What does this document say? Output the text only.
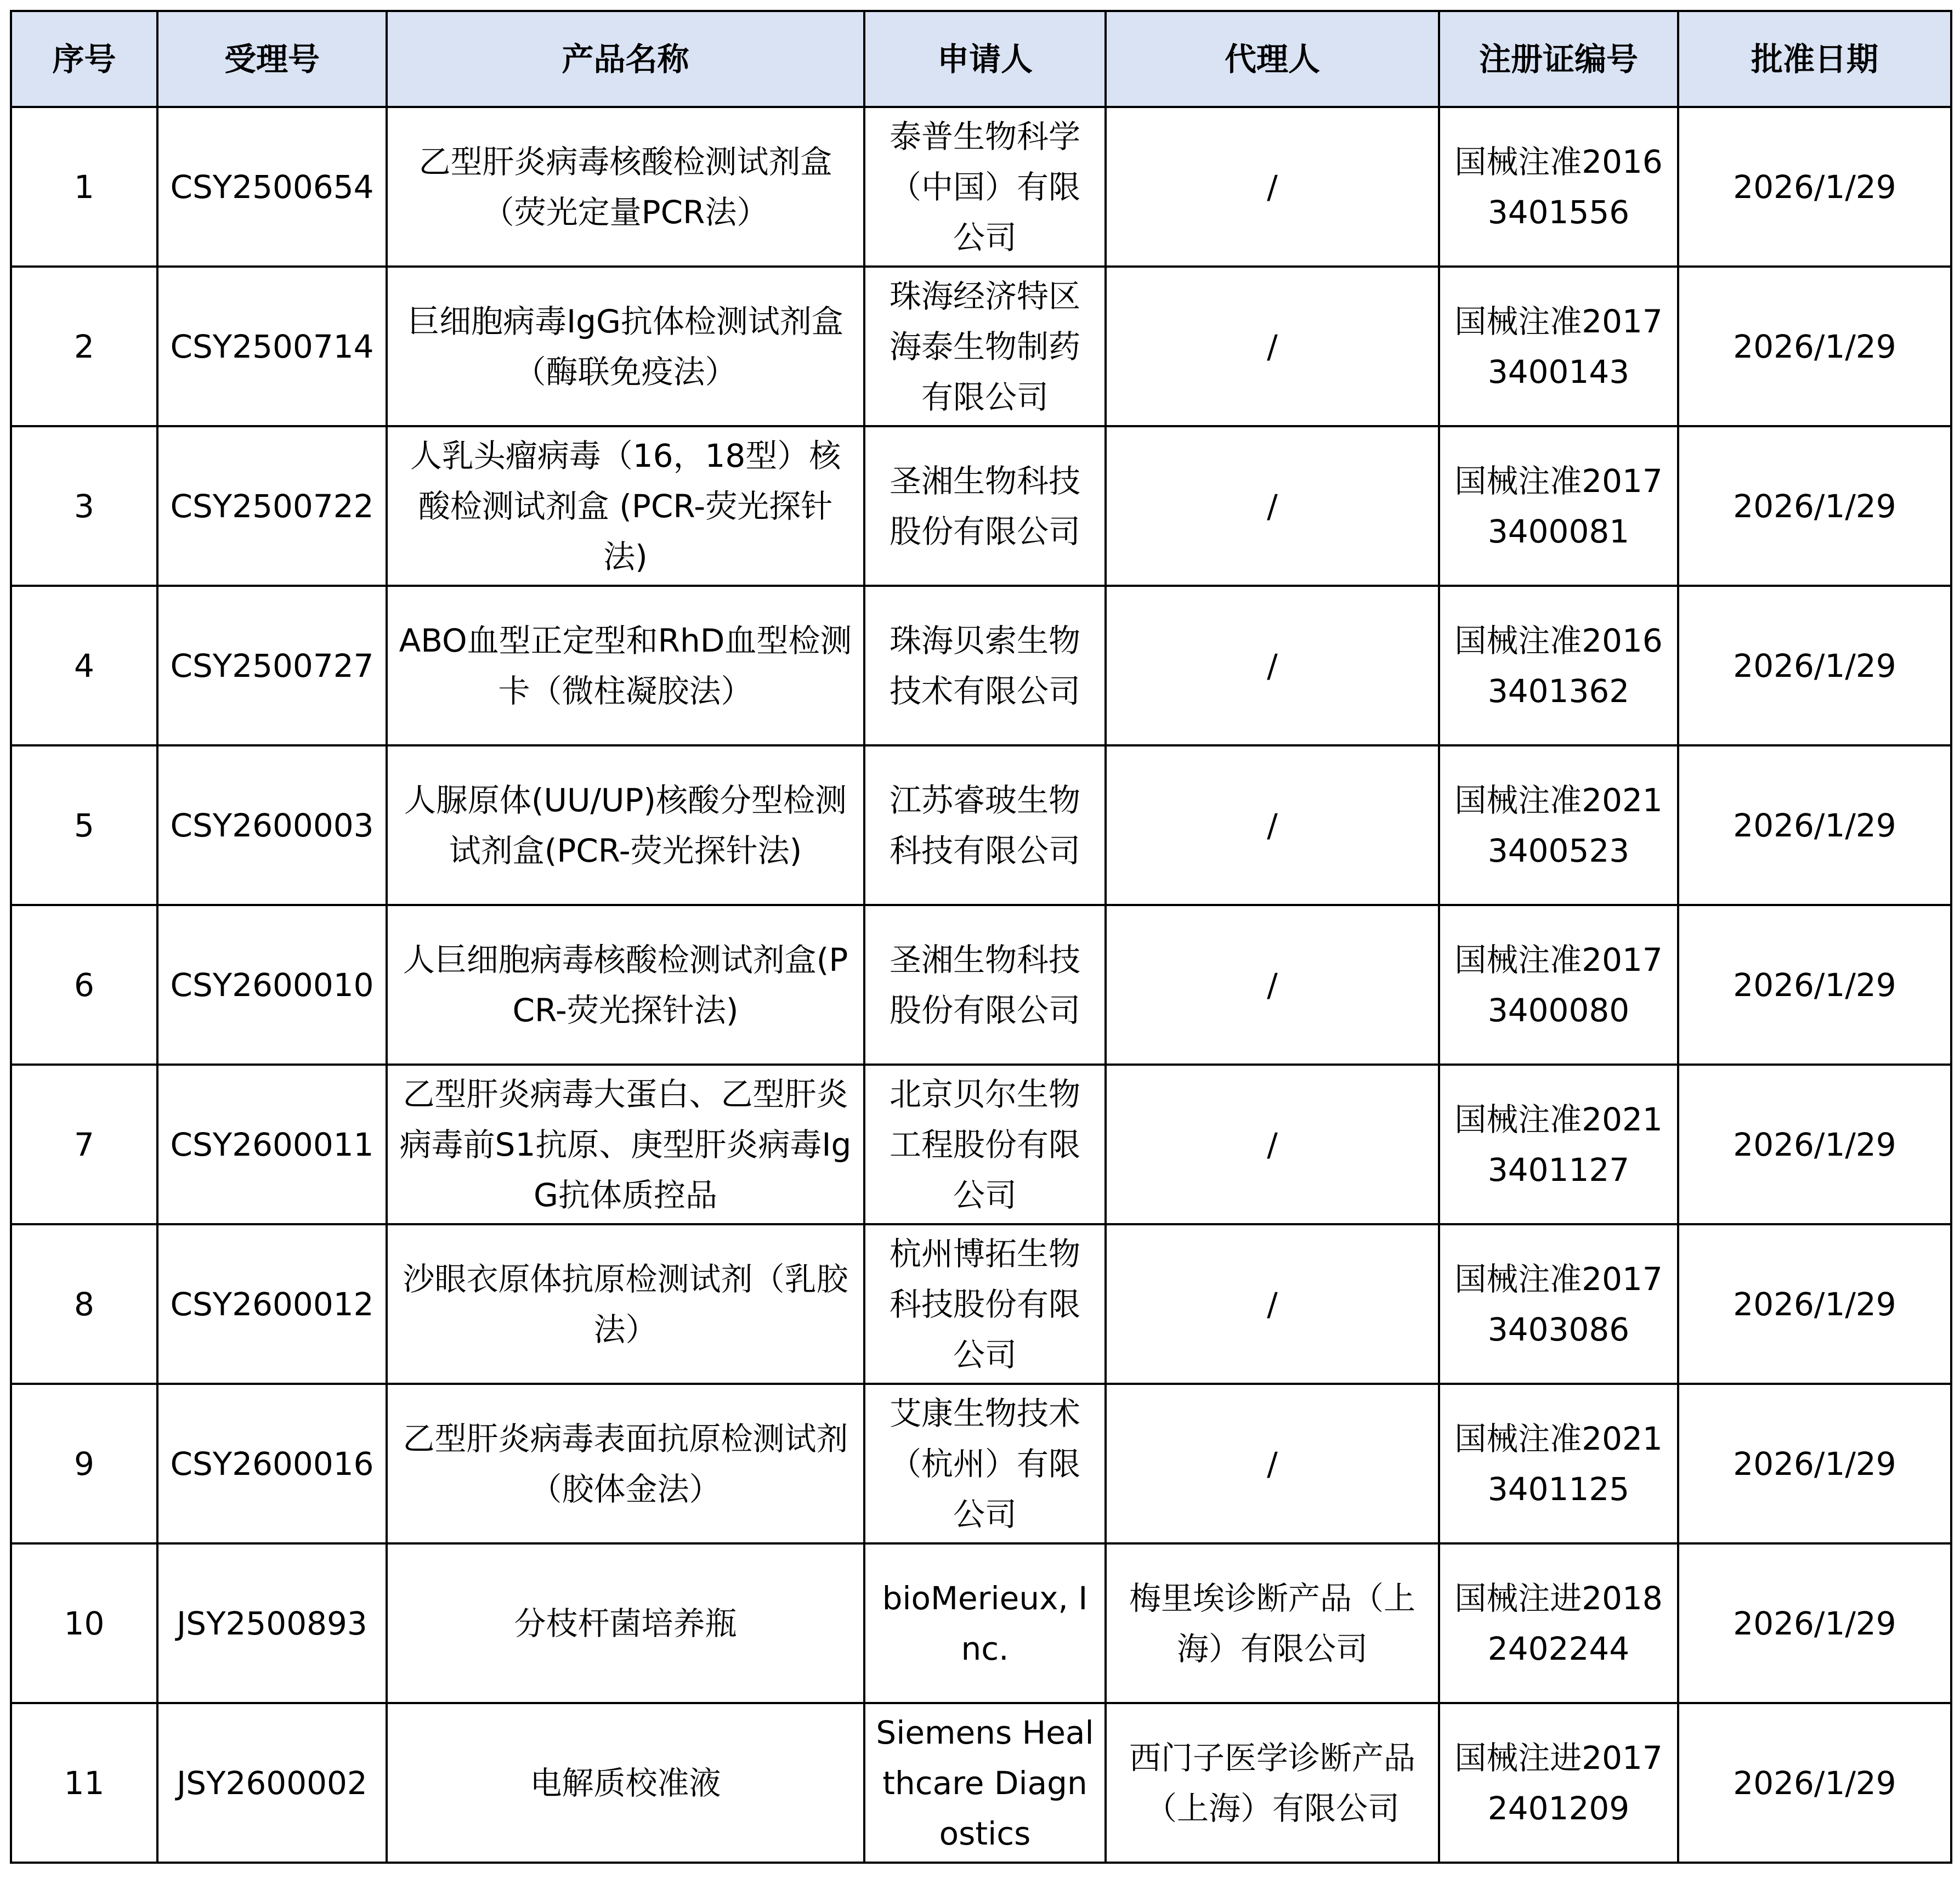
序号	受理号	产品名称	申请人	代理人	注册证编号	批准日期
1	CSY2500654	乙型肝炎病毒核酸检测试剂盒（荧光定量PCR法）	泰普生物科学（中国）有限公司	/	国械注准20163401556	2026/1/29
2	CSY2500714	巨细胞病毒IgG抗体检测试剂盒（酶联免疫法）	珠海经济特区海泰生物制药有限公司	/	国械注准20173400143	2026/1/29
3	CSY2500722	人乳头瘤病毒（16，18型）核酸检测试剂盒 (PCR-荧光探针法)	圣湘生物科技股份有限公司	/	国械注准20173400081	2026/1/29
4	CSY2500727	ABO血型正定型和RhD血型检测卡（微柱凝胶法）	珠海贝索生物技术有限公司	/	国械注准20163401362	2026/1/29
5	CSY2600003	人脲原体(UU/UP)核酸分型检测试剂盒(PCR-荧光探针法)	江苏睿玻生物科技有限公司	/	国械注准20213400523	2026/1/29
6	CSY2600010	人巨细胞病毒核酸检测试剂盒(PCR-荧光探针法)	圣湘生物科技股份有限公司	/	国械注准20173400080	2026/1/29
7	CSY2600011	乙型肝炎病毒大蛋白、乙型肝炎病毒前S1抗原、庚型肝炎病毒IgG抗体质控品	北京贝尔生物工程股份有限公司	/	国械注准20213401127	2026/1/29
8	CSY2600012	沙眼衣原体抗原检测试剂（乳胶法）	杭州博拓生物科技股份有限公司	/	国械注准20173403086	2026/1/29
9	CSY2600016	乙型肝炎病毒表面抗原检测试剂（胶体金法）	艾康生物技术（杭州）有限公司	/	国械注准20213401125	2026/1/29
10	JSY2500893	分枝杆菌培养瓶	bioMerieux, Inc.	梅里埃诊断产品（上海）有限公司	国械注进20182402244	2026/1/29
11	JSY2600002	电解质校准液	Siemens Healthcare Diagnostics	西门子医学诊断产品（上海）有限公司	国械注进20172401209	2026/1/29
